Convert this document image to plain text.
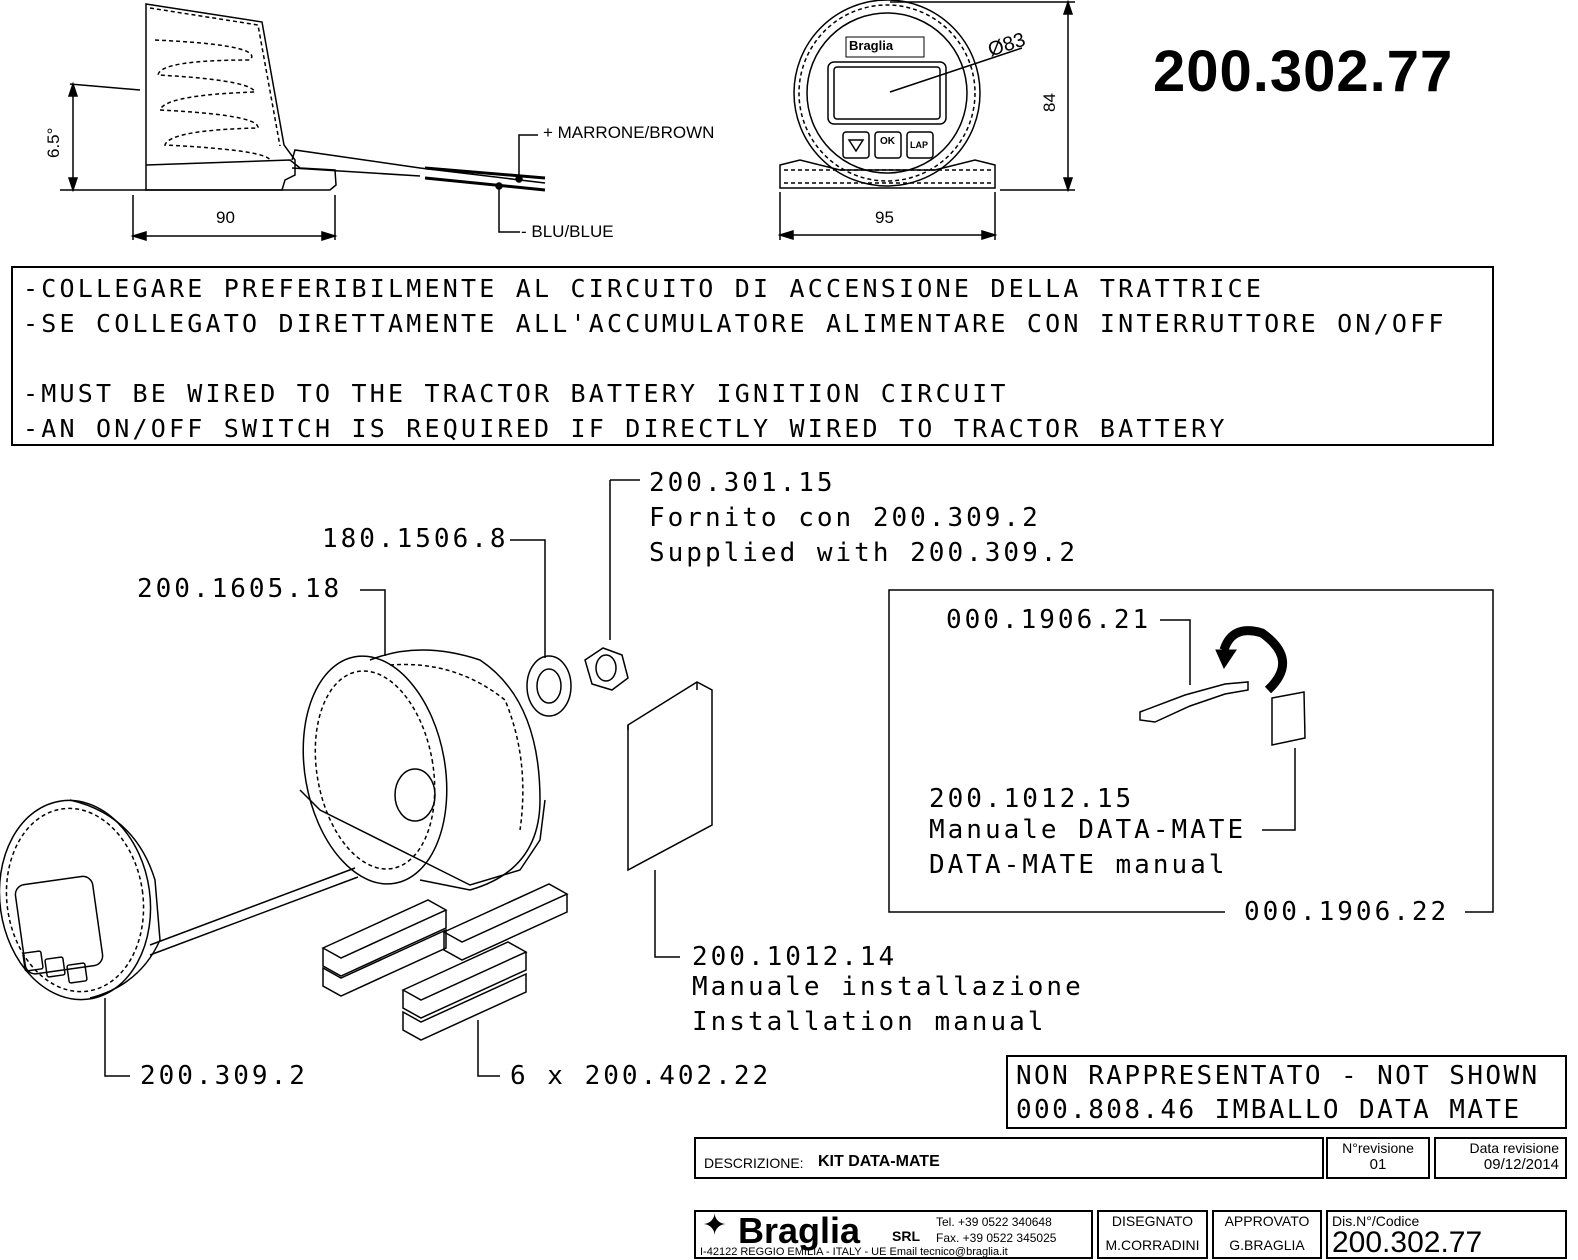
200.302.77
6.5°
90	95
84
Ø83
+ MARRONE/BROWN
- BLU/BLUE
OK LAP
Braglia
-COLLEGARE PREFERIBILMENTE AL CIRCUITO DI ACCENSIONE DELLA TRATTRICE
-SE COLLEGATO DIRETTAMENTE ALL'ACCUMULATORE ALIMENTARE CON INTERRUTTORE ON/OFF
-MUST BE WIRED TO THE TRACTOR BATTERY IGNITION CIRCUIT
-AN ON/OFF SWITCH IS REQUIRED IF DIRECTLY WIRED TO TRACTOR BATTERY
200.301.15
Fornito con 200.309.2
Supplied with 200.309.2
180.1506.8
200.1605.18
000.1906.21
200.1012.15
Manuale DATA-MATE
DATA-MATE manual
000.1906.22
200.1012.14
Manuale installazione
Installation manual
200.309.2	6 x 200.402.22	NON RAPPRESENTATO - NOT SHOWN
000.808.46 IMBALLO DATA MATE
DESCRIZIONE: KIT DATA-MATE
N°revisione
01
Data revisione
09/12/2014
✦ Braglia SRL
Tel. +39 0522 340648
Fax. +39 0522 345025
I-42122 REGGIO EMILIA - ITALY - UE Email tecnico@braglia.it
DISEGNATO
M.CORRADINI
APPROVATO
G.BRAGLIA
Dis.N°/Codice
200.302.77
